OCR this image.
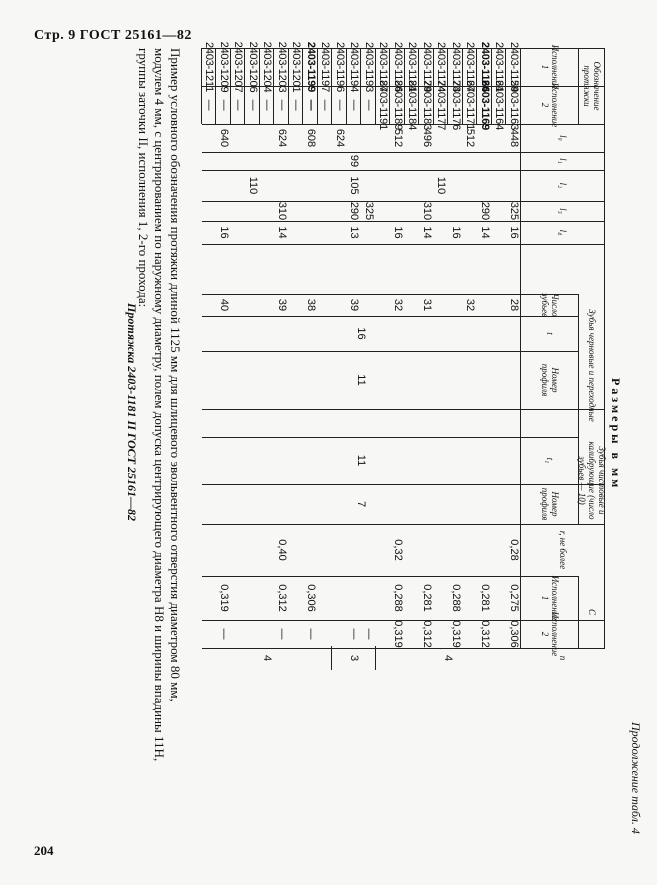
Стр. 9 ГОСТ 25161—82
204
Продолжение табл. 4
Размеры в мм
Обозначение протяжки
Исполнение 1
Исполнение 2
l₀
l₁
l₂
l₃
l₄
Зубья черновые и переходные
Число зубьев
t
Номер профиля
Зубья чистовые и калибрующие (число зубьев — 10)
t₁
Номер профиля
r, не более
C
Исполнение 1
Исполнение 2
n
2403-1159
2403-1163
448
325
16
28
0,28
0,275
0,306
2403-1161
2403-1164
2403-1166
2403-1169
290
14
0,281
0,312
2403-1167
2403-1171
512
32
2403-1173
2403-1176
16
0,288
0,319
2403-1174
2403-1177
110
2403-1179
2403-1183
496
310
14
31
0,281
0,312
2403-1181
2403-1184
2403-1186
2403-1189
512
16
32
0,32
0,288
0,319
2403-1187
2403-1191
2403-1193
—
325
—
2403-1194
—
99
105
290
13
39
—
2403-1196
—
624
2403-1197
—
2403-1199
—
608
38
0,306
—
2403-1201
—
2403-1203
—
624
310
14
39
0,40
0,312
—
2403-1204
—
2403-1206
—
110
2403-1207
—
2403-1209
—
640
16
40
0,319
—
2403-1211
—
16
11
11
7
4
3
4
Пример условного обозначения протяжки длиной 1125 мм для шлицевого эвольвентного отверстия диаметром 80 мм,
модулем 4 мм, с центрированием по наружному диаметру, полем допуска центрирующего диаметра H8 и ширины впадины 11H,
группы заточки II, исполнения 1, 2-го прохода:
Протяжка 2403-1181 II ГОСТ 25161—82
